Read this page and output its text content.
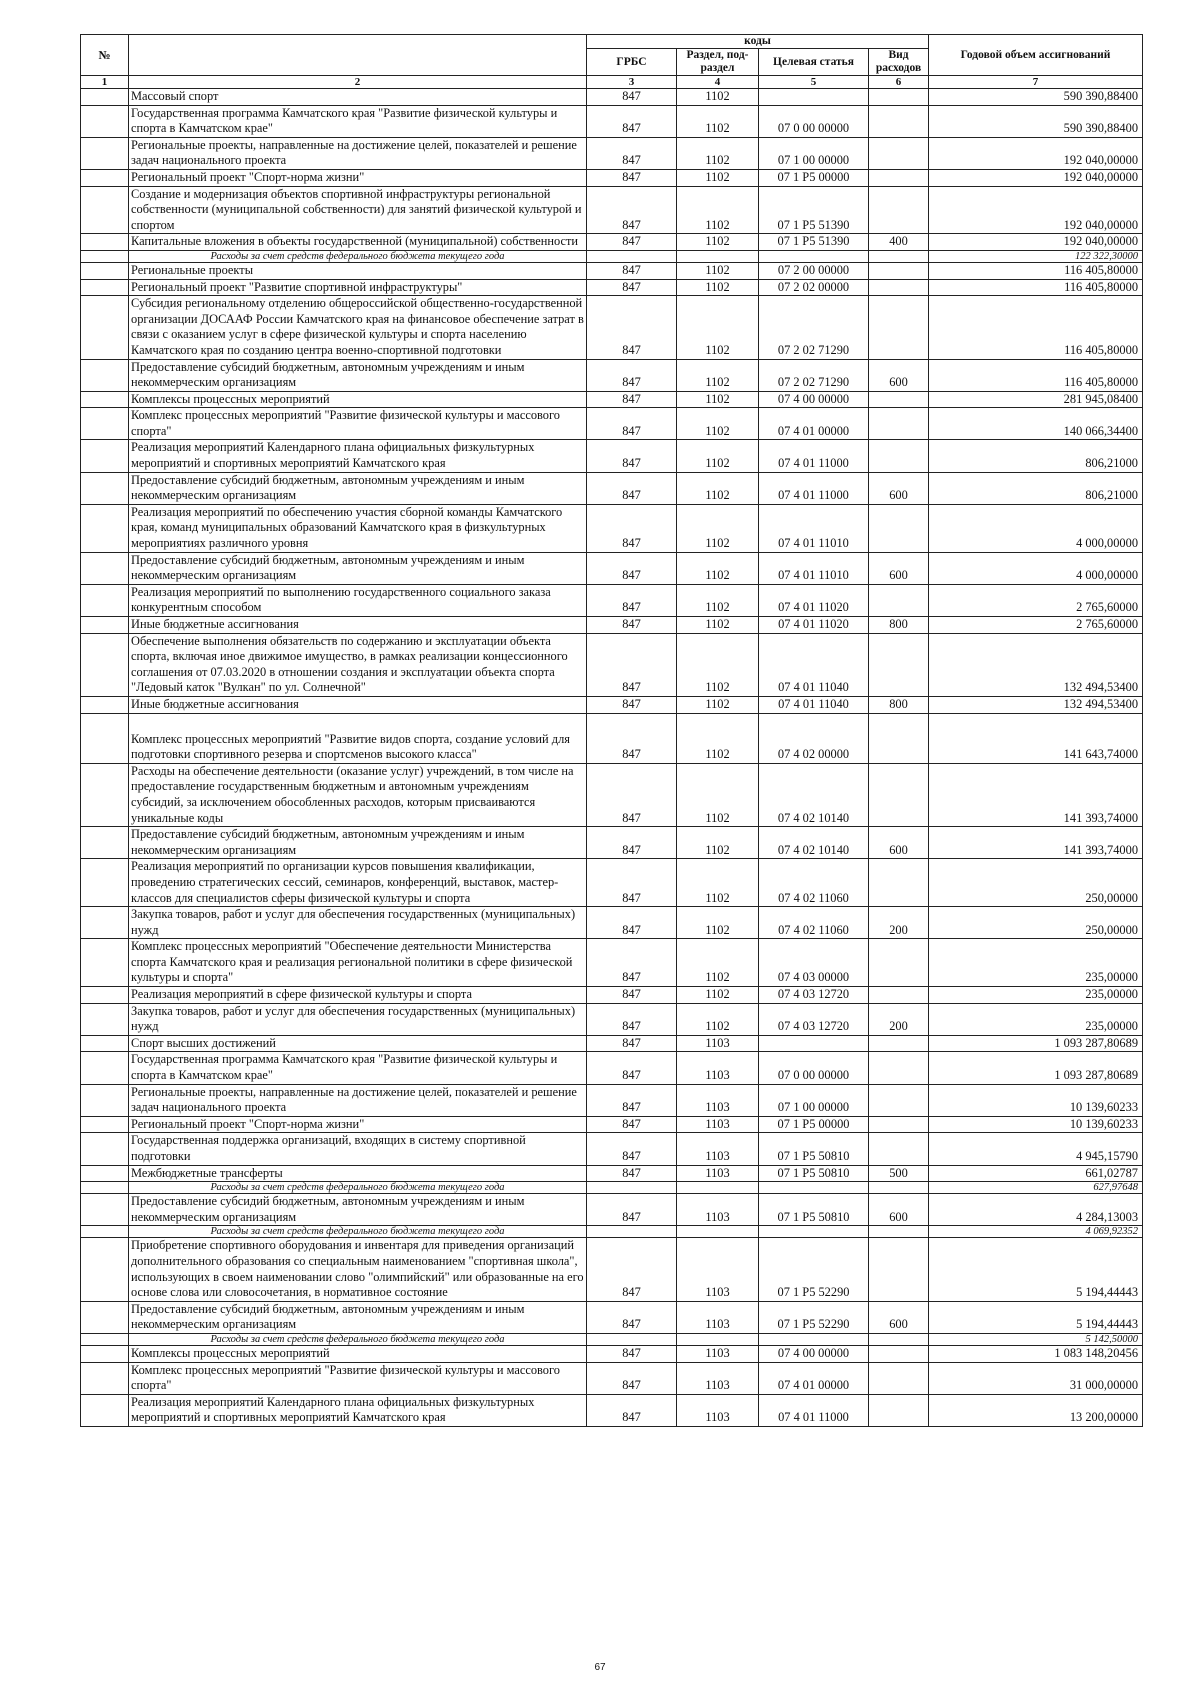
№		коды				Годовой объем ассигнований
		ГРБС	Раздел, под-раздел	Целевая статья	Вид расходов	
1	2	3	4	5	6	7
	Массовый спорт	847	1102			590 390,88400
	Государственная программа Камчатского края "Развитие физической культуры и спорта в Камчатском крае"	847	1102	07 0 00 00000		590 390,88400
	Региональные проекты, направленные на достижение целей, показателей и решение задач национального проекта	847	1102	07 1 00 00000		192 040,00000
	Региональный проект "Спорт-норма жизни"	847	1102	07 1 Р5 00000		192 040,00000
	Создание и модернизация объектов спортивной инфраструктуры региональной собственности (муниципальной собственности) для занятий физической культурой и спортом	847	1102	07 1 Р5 51390		192 040,00000
	Капитальные вложения в объекты государственной (муниципальной) собственности	847	1102	07 1 Р5 51390	400	192 040,00000
	Расходы за счет средств федерального бюджета текущего года					122 322,30000
	Региональные проекты	847	1102	07 2 00 00000		116 405,80000
	Региональный проект "Развитие спортивной инфраструктуры"	847	1102	07 2 02 00000		116 405,80000
	Субсидия региональному отделению общероссийской общественно-государственной организации ДОСААФ России Камчатского края на финансовое обеспечение затрат в связи с оказанием услуг в сфере физической культуры и спорта населению Камчатского края по созданию центра военно-спортивной подготовки	847	1102	07 2 02 71290		116 405,80000
	Предоставление субсидий бюджетным, автономным учреждениям и иным некоммерческим организациям	847	1102	07 2 02 71290	600	116 405,80000
	Комплексы процессных мероприятий	847	1102	07 4 00 00000		281 945,08400
	Комплекс процессных мероприятий "Развитие физической культуры и массового спорта"	847	1102	07 4 01 00000		140 066,34400
	Реализация мероприятий Календарного плана официальных физкультурных мероприятий и спортивных мероприятий Камчатского края	847	1102	07 4 01 11000		806,21000
	Предоставление субсидий бюджетным, автономным учреждениям и иным некоммерческим организациям	847	1102	07 4 01 11000	600	806,21000
	Реализация мероприятий по обеспечению участия сборной команды Камчатского края, команд муниципальных образований Камчатского края в физкультурных мероприятиях различного уровня	847	1102	07 4 01 11010		4 000,00000
	Предоставление субсидий бюджетным, автономным учреждениям и иным некоммерческим организациям	847	1102	07 4 01 11010	600	4 000,00000
	Реализация мероприятий по выполнению государственного социального заказа конкурентным способом	847	1102	07 4 01 11020		2 765,60000
	Иные бюджетные ассигнования	847	1102	07 4 01 11020	800	2 765,60000
	Обеспечение выполнения обязательств по содержанию и эксплуатации объекта спорта, включая иное движимое имущество, в рамках реализации концессионного соглашения от 07.03.2020 в отношении создания и эксплуатации объекта спорта "Ледовый каток "Вулкан" по ул. Солнечной"	847	1102	07 4 01 11040		132 494,53400
	Иные бюджетные ассигнования	847	1102	07 4 01 11040	800	132 494,53400
	Комплекс процессных мероприятий "Развитие видов спорта, создание условий для подготовки спортивного резерва и спортсменов высокого класса"	847	1102	07 4 02 00000		141 643,74000
	Расходы на обеспечение деятельности (оказание услуг) учреждений, в том числе на предоставление государственным бюджетным и автономным учреждениям субсидий, за исключением обособленных расходов, которым присваиваются уникальные коды	847	1102	07 4 02 10140		141 393,74000
	Предоставление субсидий бюджетным, автономным учреждениям и иным некоммерческим организациям	847	1102	07 4 02 10140	600	141 393,74000
	Реализация мероприятий по организации курсов повышения квалификации, проведению стратегических сессий, семинаров, конференций, выставок, мастер-классов для специалистов сферы физической культуры и спорта	847	1102	07 4 02 11060		250,00000
	Закупка товаров, работ и услуг для обеспечения государственных (муниципальных) нужд	847	1102	07 4 02 11060	200	250,00000
	Комплекс процессных мероприятий "Обеспечение деятельности Министерства спорта Камчатского края и реализация региональной политики в сфере физической культуры и спорта"	847	1102	07 4 03 00000		235,00000
	Реализация мероприятий в сфере физической культуры и спорта	847	1102	07 4 03 12720		235,00000
	Закупка товаров, работ и услуг для обеспечения государственных (муниципальных) нужд	847	1102	07 4 03 12720	200	235,00000
	Спорт высших достижений	847	1103			1 093 287,80689
	Государственная программа Камчатского края "Развитие физической культуры и спорта в Камчатском крае"	847	1103	07 0 00 00000		1 093 287,80689
	Региональные проекты, направленные на достижение целей, показателей и решение задач национального проекта	847	1103	07 1 00 00000		10 139,60233
	Региональный проект "Спорт-норма жизни"	847	1103	07 1 Р5 00000		10 139,60233
	Государственная поддержка организаций, входящих в систему спортивной подготовки	847	1103	07 1 Р5 50810		4 945,15790
	Межбюджетные трансферты	847	1103	07 1 Р5 50810	500	661,02787
	Расходы за счет средств федерального бюджета текущего года					627,97648
	Предоставление субсидий бюджетным, автономным учреждениям и иным некоммерческим организациям	847	1103	07 1 Р5 50810	600	4 284,13003
	Расходы за счет средств федерального бюджета текущего года					4 069,92352
	Приобретение спортивного оборудования и инвентаря для приведения организаций дополнительного образования со специальным наименованием "спортивная школа", использующих в своем наименовании слово "олимпийский" или образованные на его основе слова или словосочетания, в нормативное состояние	847	1103	07 1 Р5 52290		5 194,44443
	Предоставление субсидий бюджетным, автономным учреждениям и иным некоммерческим организациям	847	1103	07 1 Р5 52290	600	5 194,44443
	Расходы за счет средств федерального бюджета текущего года					5 142,50000
	Комплексы процессных мероприятий	847	1103	07 4 00 00000		1 083 148,20456
	Комплекс процессных мероприятий "Развитие физической культуры и массового спорта"	847	1103	07 4 01 00000		31 000,00000
	Реализация мероприятий Календарного плана официальных физкультурных мероприятий и спортивных мероприятий Камчатского края	847	1103	07 4 01 11000		13 200,00000
67
